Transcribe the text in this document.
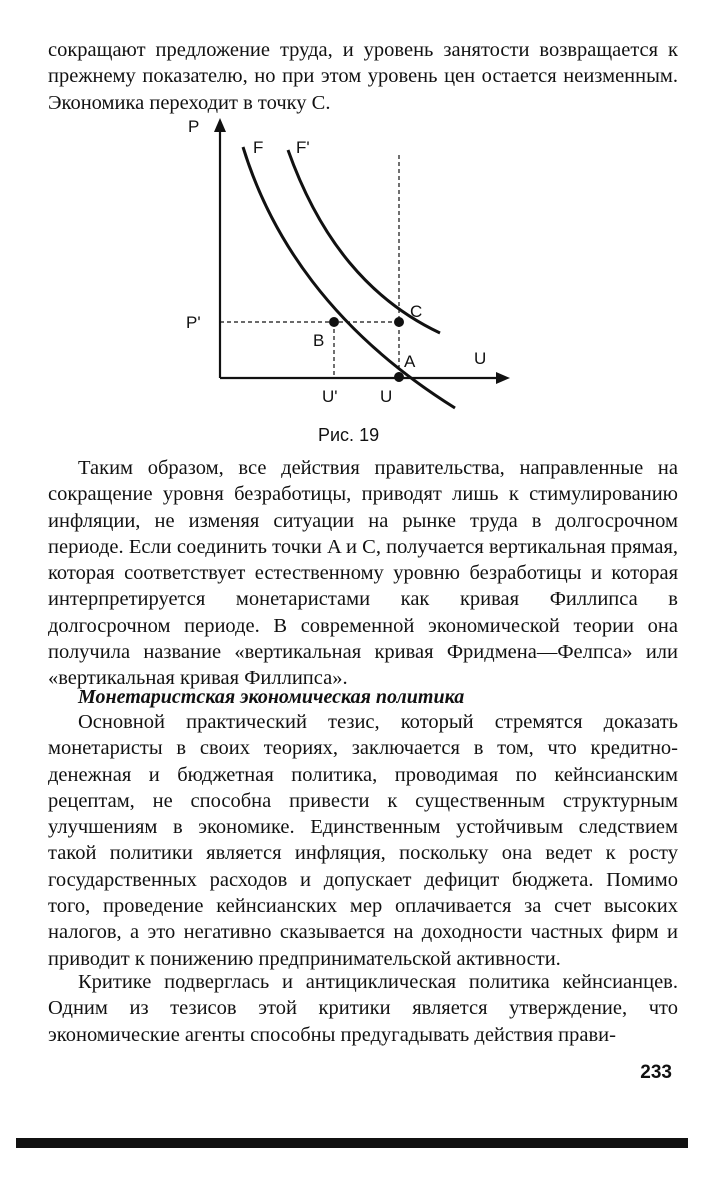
сокращают предложение труда, и уровень занятости возвращается к прежнему показателю, но при этом уровень цен остается неизменным. Экономика переходит в точку C.

P
F F'
P'
C
B
A	U
U' U

Рис. 19

Таким образом, все действия правительства, направленные на сокращение уровня безработицы, приводят лишь к стимулированию инфляции, не изменяя ситуации на рынке труда в долгосрочном периоде. Если соединить точки A и C, получается вертикальная прямая, которая соответствует естественному уровню безработицы и которая интерпретируется монетаристами как кривая Филлипса в долгосрочном периоде. В современной экономической теории она получила название «вертикальная кривая Фридмена—Фелпса» или «вертикальная кривая Филлипса».

Монетаристская экономическая политика

Основной практический тезис, который стремятся доказать монетаристы в своих теориях, заключается в том, что кредитно-денежная и бюджетная политика, проводимая по кейнсианским рецептам, не способна привести к существенным структурным улучшениям в экономике. Единственным устойчивым следствием такой политики является инфляция, поскольку она ведет к росту государственных расходов и допускает дефицит бюджета. Помимо того, проведение кейнсианских мер оплачивается за счет высоких налогов, а это негативно сказывается на доходности частных фирм и приводит к понижению предпринимательской активности.

Критике подверглась и антициклическая политика кейнсианцев. Одним из тезисов этой критики является утверждение, что экономические агенты способны предугадывать действия прави-

233
